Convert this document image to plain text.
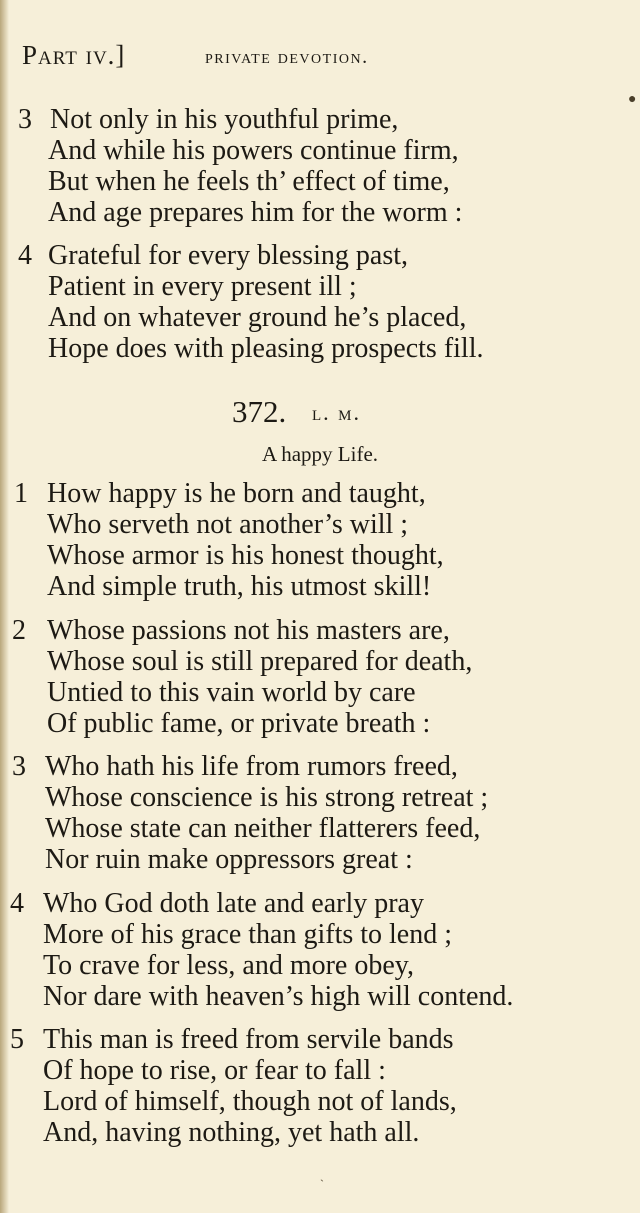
Part iv.]	private devotion.
3 Not only in his youthful prime,
And while his powers continue firm,
But when he feels th’ effect of time,
And age prepares him for the worm :
4 Grateful for every blessing past,
Patient in every present ill ;
And on whatever ground he’s placed,
Hope does with pleasing prospects fill.
372. l. m.
A happy Life.
1 How happy is he born and taught,
Who serveth not another’s will ;
Whose armor is his honest thought,
And simple truth, his utmost skill!
2 Whose passions not his masters are,
Whose soul is still prepared for death,
Untied to this vain world by care
Of public fame, or private breath :
3 Who hath his life from rumors freed,
Whose conscience is his strong retreat ;
Whose state can neither flatterers feed,
Nor ruin make oppressors great :
4 Who God doth late and early pray
More of his grace than gifts to lend ;
To crave for less, and more obey,
Nor dare with heaven’s high will contend.
5 This man is freed from servile bands
Of hope to rise, or fear to fall :
Lord of himself, though not of lands,
And, having nothing, yet hath all.
●
ˎ
